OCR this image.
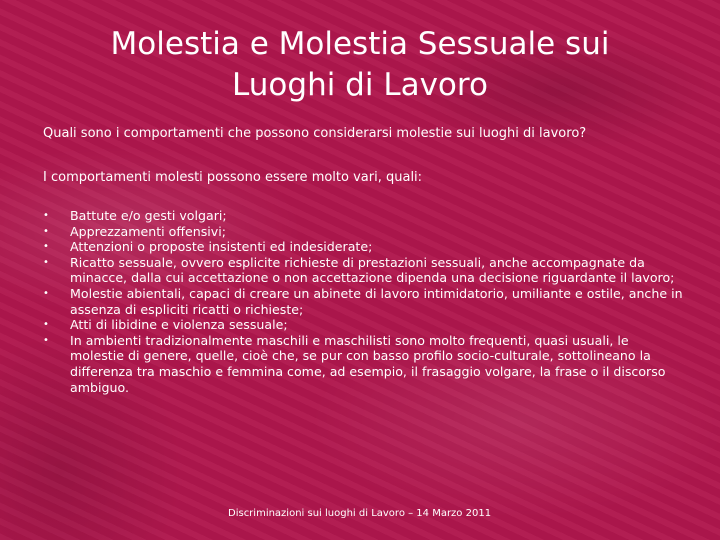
Molestia e Molestia Sessuale sui
Luoghi di Lavoro

Quali sono i comportamenti che possono considerarsi molestie sui luoghi di lavoro?

I comportamenti molesti possono essere molto vari, quali:

• Battute e/o gesti volgari;
• Apprezzamenti offensivi;
• Attenzioni o proposte insistenti ed indesiderate;
• Ricatto sessuale, ovvero esplicite richieste di prestazioni sessuali, anche accompagnate da minacce, dalla cui accettazione o non accettazione dipenda una decisione riguardante il lavoro;
• Molestie abientali, capaci di creare un abinete di lavoro intimidatorio, umiliante e ostile, anche in assenza di espliciti ricatti o richieste;
• Atti di libidine e violenza sessuale;
• In ambienti tradizionalmente maschili e maschilisti sono molto frequenti, quasi usuali, le molestie di genere, quelle, cioè che, se pur con basso profilo socio-culturale, sottolineano la differenza tra maschio e femmina come, ad esempio, il frasaggio volgare, la frase o il discorso ambiguo.

Discriminazioni sui luoghi di Lavoro – 14 Marzo 2011
